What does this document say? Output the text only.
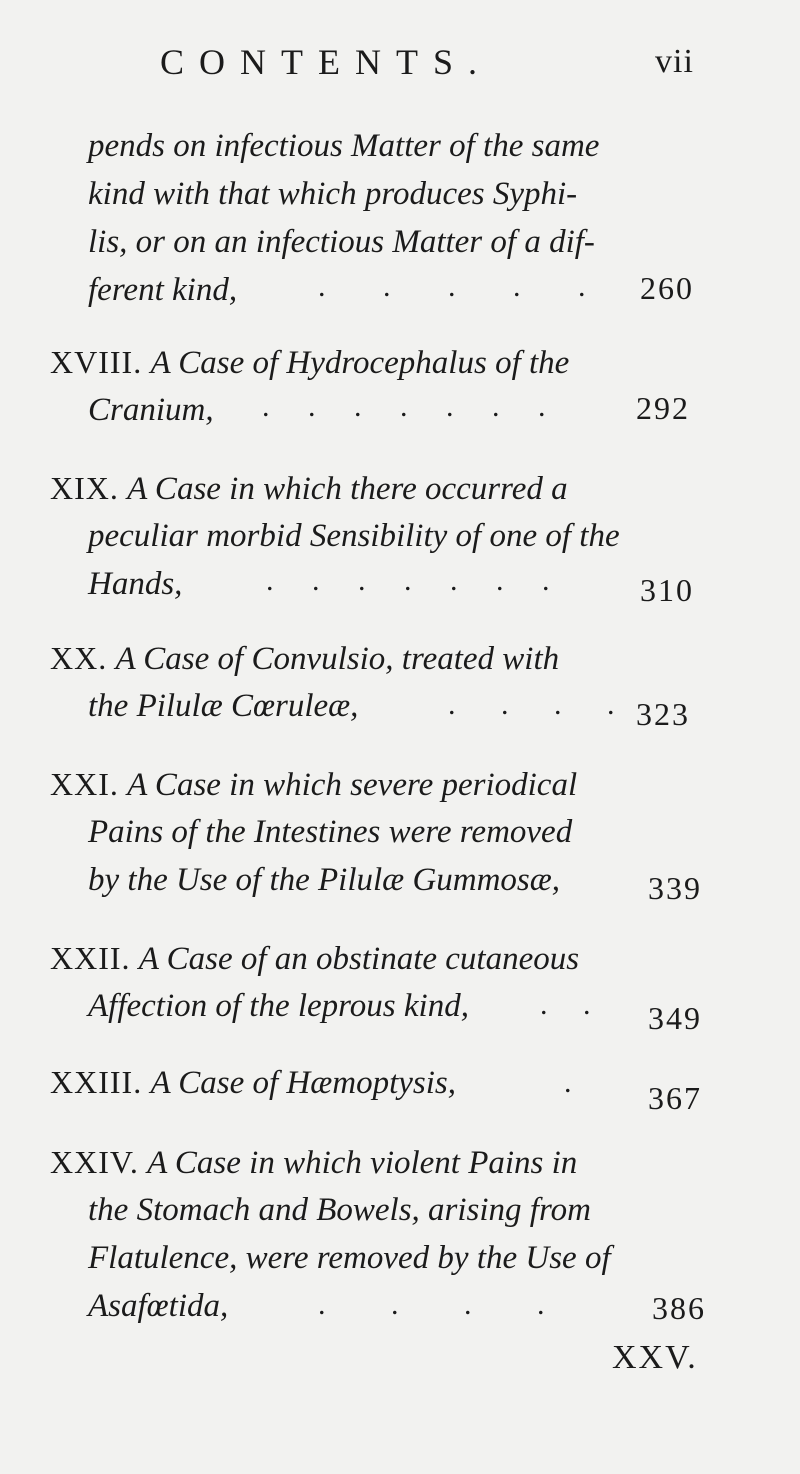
CONTENTS.	vii
pends on infectious Matter of the same
kind with that which produces Syphi-
lis, or on an infectious Matter of a dif-
ferent kind,	. . . . . 260
XVIII. A Case of Hydrocephalus of the
Cranium,	. . . . . . .	292
XIX. A Case in which there occurred a
peculiar morbid Sensibility of one of the
Hands,	. . . . . . .	310
XX. A Case of Convulsio, treated with
the Pilulæ Cœruleæ,	. . . . 323
XXI. A Case in which severe periodical
Pains of the Intestines were removed
by the Use of the Pilulæ Gummosæ,	339
XXII. A Case of an obstinate cutaneous
Affection of the leprous kind,	. . 349
XXIII. A Case of Hæmoptysis,	. 367
XXIV. A Case in which violent Pains in
the Stomach and Bowels, arising from
Flatulence, were removed by the Use of
Asafœtida,	. . . .	386
XXV.
